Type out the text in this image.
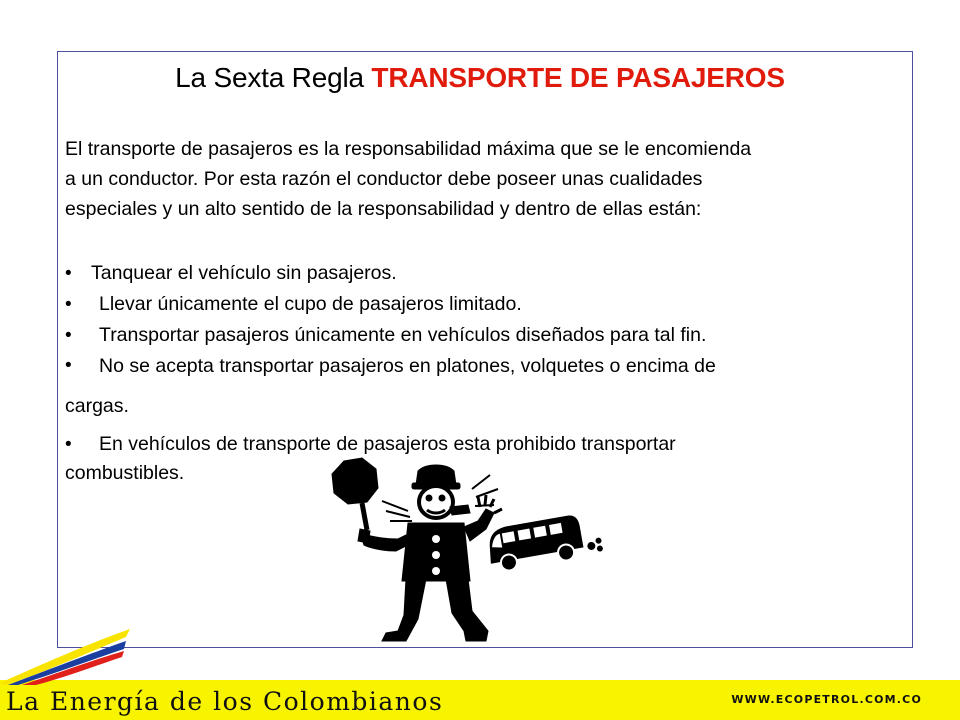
La Sexta Regla TRANSPORTE DE PASAJEROS

El transporte de pasajeros es la responsabilidad máxima que se le encomienda

a un conductor. Por esta razón el conductor debe poseer unas cualidades

especiales y un alto sentido de la responsabilidad y dentro de ellas están:

• Tanquear el vehículo sin pasajeros.
•	Llevar únicamente el cupo de pasajeros limitado.
•	Transportar pasajeros únicamente en vehículos diseñados para tal fin.
•	No se acepta transportar pasajeros en platones, volquetes o encima de
cargas.
•	En vehículos de transporte de pasajeros esta prohibido transportar
combustibles.
La Energía de los Colombianos	WWW.ECOPETROL.COM.CO
